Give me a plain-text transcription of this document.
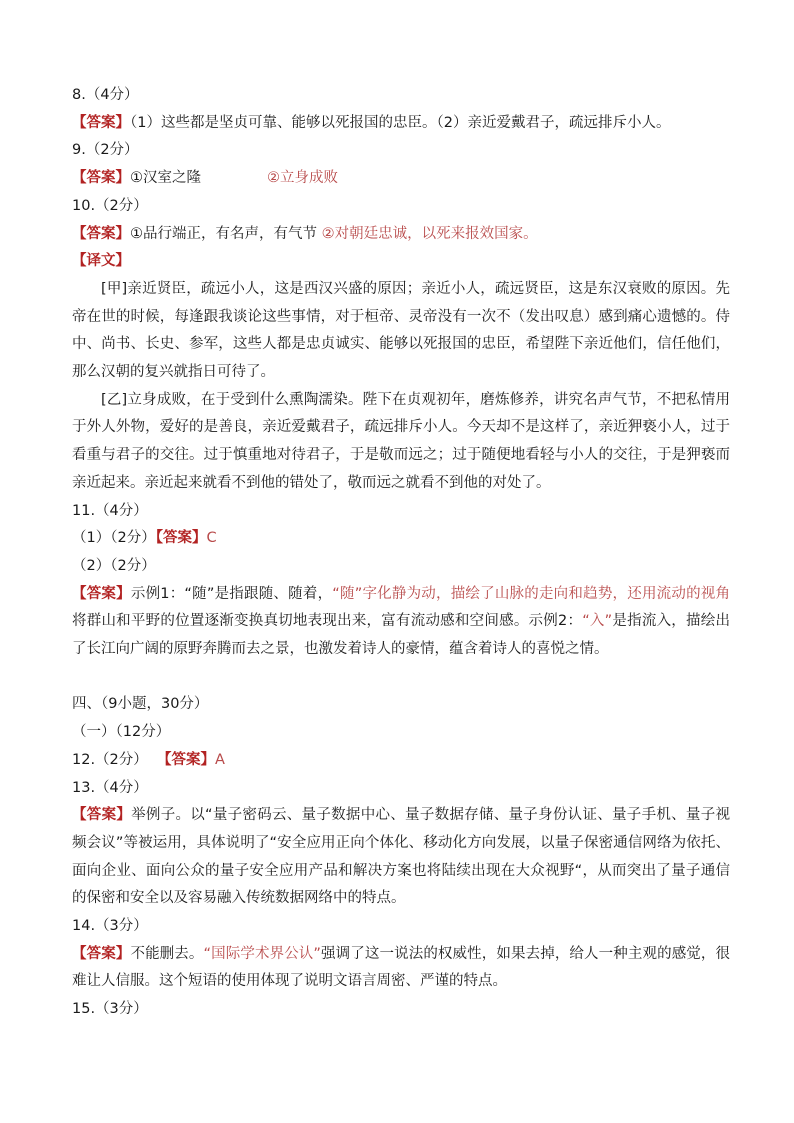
8.（4分）
【答案】（1）这些都是坚贞可靠、能够以死报国的忠臣。（2）亲近爱戴君子，疏远排斥小人。
9.（2分）
【答案】①汉室之隆	②立身成败
10.（2分）
【答案】①品行端正，有名声，有气节 ②对朝廷忠诚，以死来报效国家。
【译文】
[甲]亲近贤臣，疏远小人，这是西汉兴盛的原因；亲近小人，疏远贤臣，这是东汉衰败的原因。先帝在世的时候，每逢跟我谈论这些事情，对于桓帝、灵帝没有一次不（发出叹息）感到痛心遗憾的。侍中、尚书、长史、参军，这些人都是忠贞诚实、能够以死报国的忠臣，希望陛下亲近他们，信任他们，那么汉朝的复兴就指日可待了。
[乙]立身成败，在于受到什么熏陶濡染。陛下在贞观初年，磨炼修养，讲究名声气节，不把私情用于外人外物，爱好的是善良，亲近爱戴君子，疏远排斥小人。今天却不是这样了，亲近狎亵小人，过于看重与君子的交往。过于慎重地对待君子，于是敬而远之；过于随便地看轻与小人的交往，于是狎亵而亲近起来。亲近起来就看不到他的错处了，敬而远之就看不到他的对处了。
11.（4分）
（1）（2分）【答案】C
（2）（2分）
【答案】示例1：“随”是指跟随、随着，“随”字化静为动，描绘了山脉的走向和趋势，还用流动的视角将群山和平野的位置逐渐变换真切地表现出来，富有流动感和空间感。示例2：“入”是指流入，描绘出了长江向广阔的原野奔腾而去之景，也激发着诗人的豪情，蕴含着诗人的喜悦之情。
四、（9小题，30分）
（一）（12分）
12.（2分） 【答案】A
13.（4分）
【答案】举例子。以“量子密码云、量子数据中心、量子数据存储、量子身份认证、量子手机、量子视频会议”等被运用，具体说明了“安全应用正向个体化、移动化方向发展，以量子保密通信网络为依托、面向企业、面向公众的量子安全应用产品和解决方案也将陆续出现在大众视野“，从而突出了量子通信的保密和安全以及容易融入传统数据网络中的特点。
14.（3分）
【答案】不能删去。“国际学术界公认”强调了这一说法的权威性，如果去掉，给人一种主观的感觉，很难让人信服。这个短语的使用体现了说明文语言周密、严谨的特点。
15.（3分）
